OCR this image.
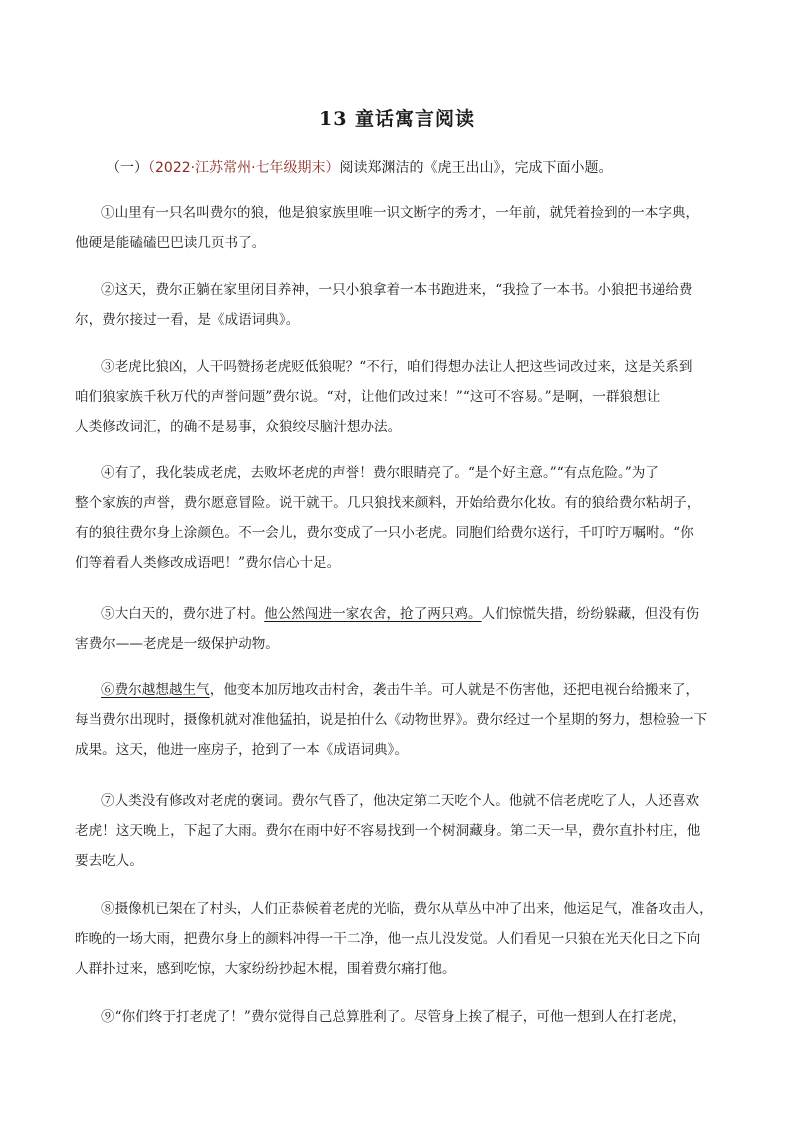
13 童话寓言阅读
（一）（2022·江苏常州·七年级期末）阅读郑渊洁的《虎王出山》，完成下面小题。
①山里有一只名叫费尔的狼，他是狼家族里唯一识文断字的秀才，一年前，就凭着捡到的一本字典，
他硬是能磕磕巴巴读几页书了。
②这天，费尔正躺在家里闭目养神，一只小狼拿着一本书跑进来，“我捡了一本书。小狼把书递给费
尔，费尔接过一看，是《成语词典》。
③老虎比狼凶，人干吗赞扬老虎贬低狼呢？“不行，咱们得想办法让人把这些词改过来，这是关系到
咱们狼家族千秋万代的声誉问题”费尔说。“对，让他们改过来！”“这可不容易。”是啊，一群狼想让
人类修改词汇，的确不是易事，众狼绞尽脑汁想办法。
④有了，我化装成老虎，去败坏老虎的声誉！费尔眼睛亮了。“是个好主意。”“有点危险。”为了
整个家族的声誉，费尔愿意冒险。说干就干。几只狼找来颜料，开始给费尔化妆。有的狼给费尔粘胡子，
有的狼往费尔身上涂颜色。不一会儿，费尔变成了一只小老虎。同胞们给费尔送行，千叮咛万嘱咐。“你
们等着看人类修改成语吧！”费尔信心十足。
⑤大白天的，费尔进了村。他公然闯进一家农舍，抢了两只鸡。人们惊慌失措，纷纷躲藏，但没有伤
害费尔——老虎是一级保护动物。
⑥费尔越想越生气，他变本加厉地攻击村舍，袭击牛羊。可人就是不伤害他，还把电视台给搬来了，
每当费尔出现时，摄像机就对准他猛拍，说是拍什么《动物世界》。费尔经过一个星期的努力，想检验一下
成果。这天，他进一座房子，抢到了一本《成语词典》。
⑦人类没有修改对老虎的褒词。费尔气昏了，他决定第二天吃个人。他就不信老虎吃了人，人还喜欢
老虎！这天晚上，下起了大雨。费尔在雨中好不容易找到一个树洞藏身。第二天一早，费尔直扑村庄，他
要去吃人。
⑧摄像机已架在了村头，人们正恭候着老虎的光临，费尔从草丛中冲了出来，他运足气，准备攻击人，
昨晚的一场大雨，把费尔身上的颜料冲得一干二净，他一点儿没发觉。人们看见一只狼在光天化日之下向
人群扑过来，感到吃惊，大家纷纷抄起木棍，围着费尔痛打他。
⑨“你们终于打老虎了！”费尔觉得自己总算胜利了。尽管身上挨了棍子，可他一想到人在打老虎，
